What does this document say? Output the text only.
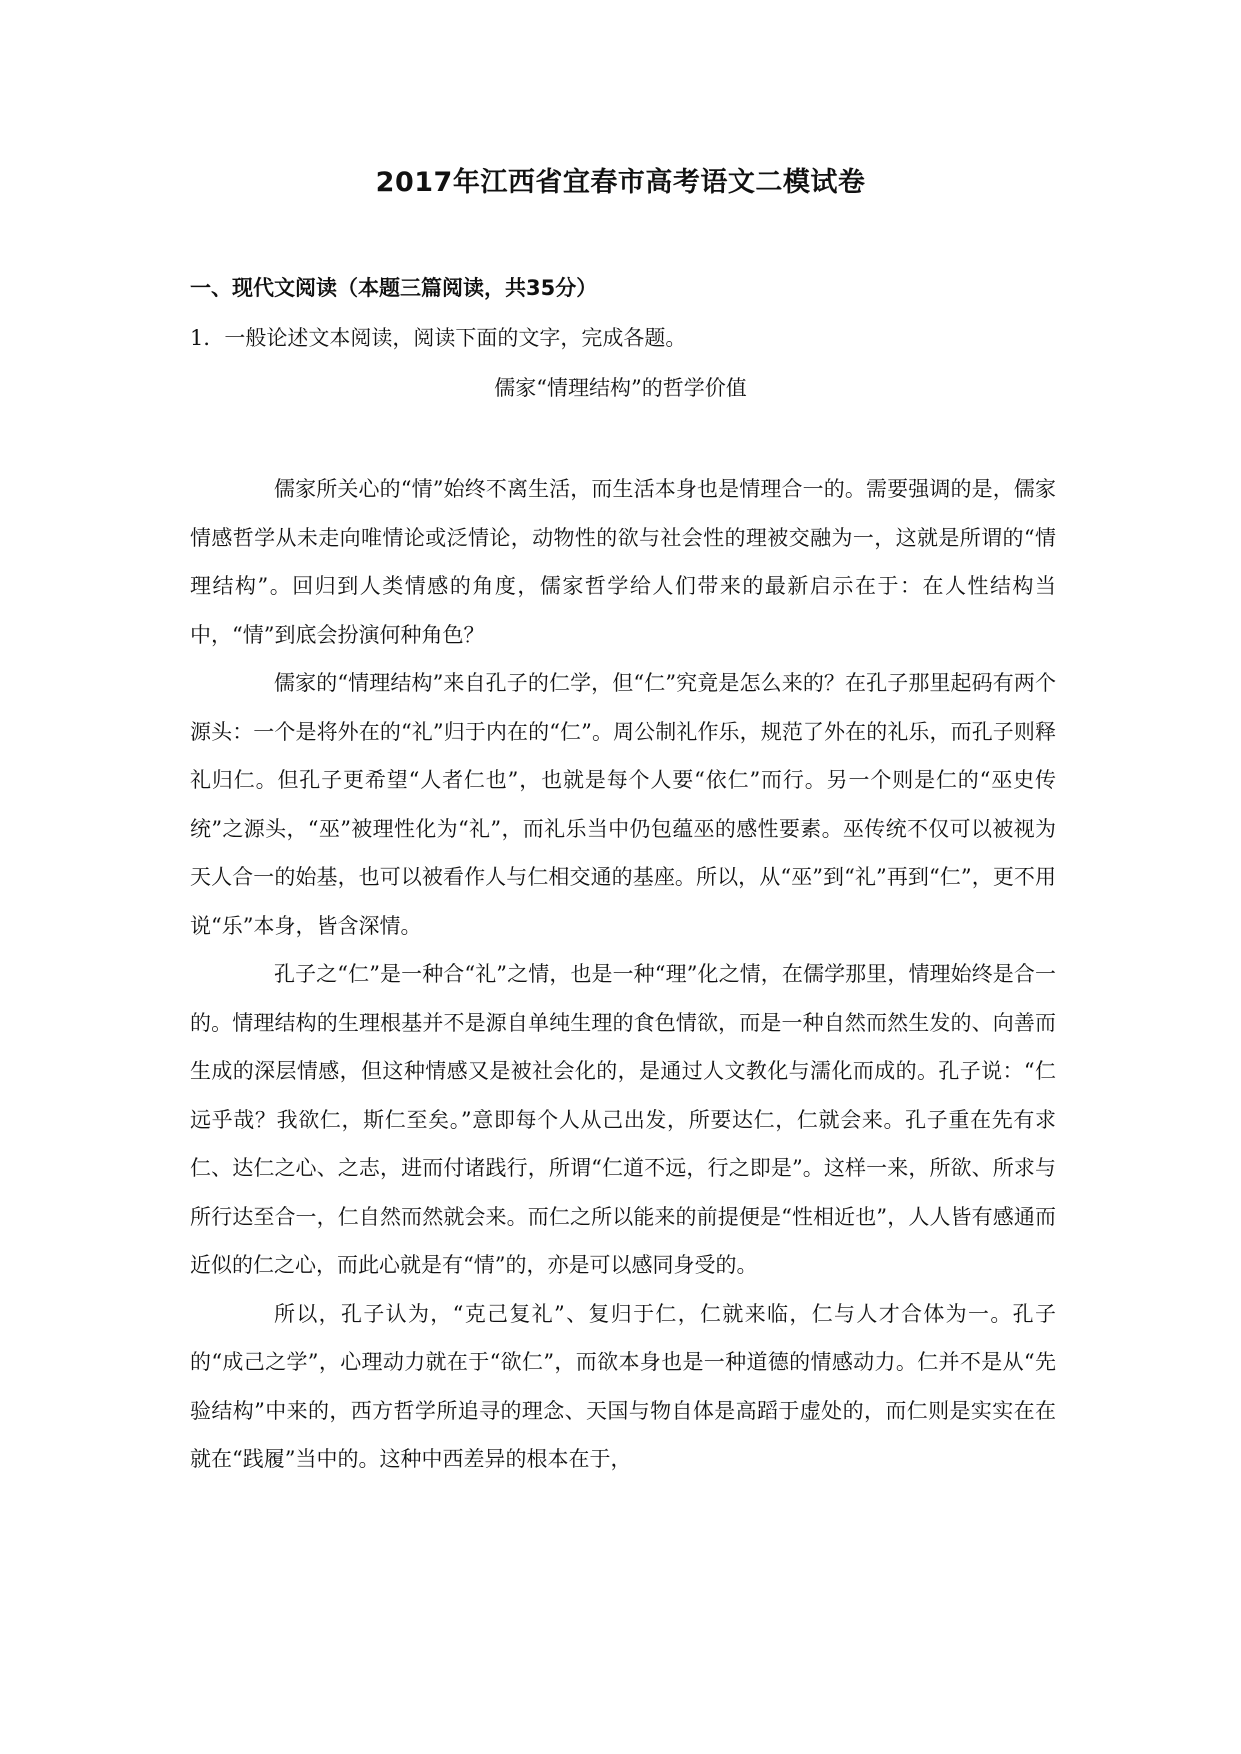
2017年江西省宜春市高考语文二模试卷
一、现代文阅读（本题三篇阅读，共35分）
1．一般论述文本阅读，阅读下面的文字，完成各题。
儒家“情理结构”的哲学价值

儒家所关心的“情”始终不离生活，而生活本身也是情理合一的。需要强调的是，儒家情感哲学从未走向唯情论或泛情论，动物性的欲与社会性的理被交融为一，这就是所谓的“情理结构”。回归到人类情感的角度，儒家哲学给人们带来的最新启示在于：在人性结构当中，“情”到底会扮演何种角色？

儒家的“情理结构”来自孔子的仁学，但“仁”究竟是怎么来的？在孔子那里起码有两个源头：一个是将外在的“礼”归于内在的“仁”。周公制礼作乐，规范了外在的礼乐，而孔子则释礼归仁。但孔子更希望“人者仁也”，也就是每个人要“依仁”而行。另一个则是仁的“巫史传统”之源头，“巫”被理性化为“礼”，而礼乐当中仍包蕴巫的感性要素。巫传统不仅可以被视为天人合一的始基，也可以被看作人与仁相交通的基座。所以，从“巫”到“礼”再到“仁”，更不用说“乐”本身，皆含深情。

孔子之“仁”是一种合“礼”之情，也是一种“理”化之情，在儒学那里，情理始终是合一的。情理结构的生理根基并不是源自单纯生理的食色情欲，而是一种自然而然生发的、向善而生成的深层情感，但这种情感又是被社会化的，是通过人文教化与濡化而成的。孔子说：“仁远乎哉？我欲仁，斯仁至矣。”意即每个人从己出发，所要达仁，仁就会来。孔子重在先有求仁、达仁之心、之志，进而付诸践行，所谓“仁道不远，行之即是”。这样一来，所欲、所求与所行达至合一，仁自然而然就会来。而仁之所以能来的前提便是“性相近也”，人人皆有感通而近似的仁之心，而此心就是有“情”的，亦是可以感同身受的。

所以，孔子认为，“克己复礼”、复归于仁，仁就来临，仁与人才合体为一。孔子的“成己之学”，心理动力就在于“欲仁”，而欲本身也是一种道德的情感动力。仁并不是从“先验结构”中来的，西方哲学所追寻的理念、天国与物自体是高蹈于虚处的，而仁则是实实在在就在“践履”当中的。这种中西差异的根本在于，
